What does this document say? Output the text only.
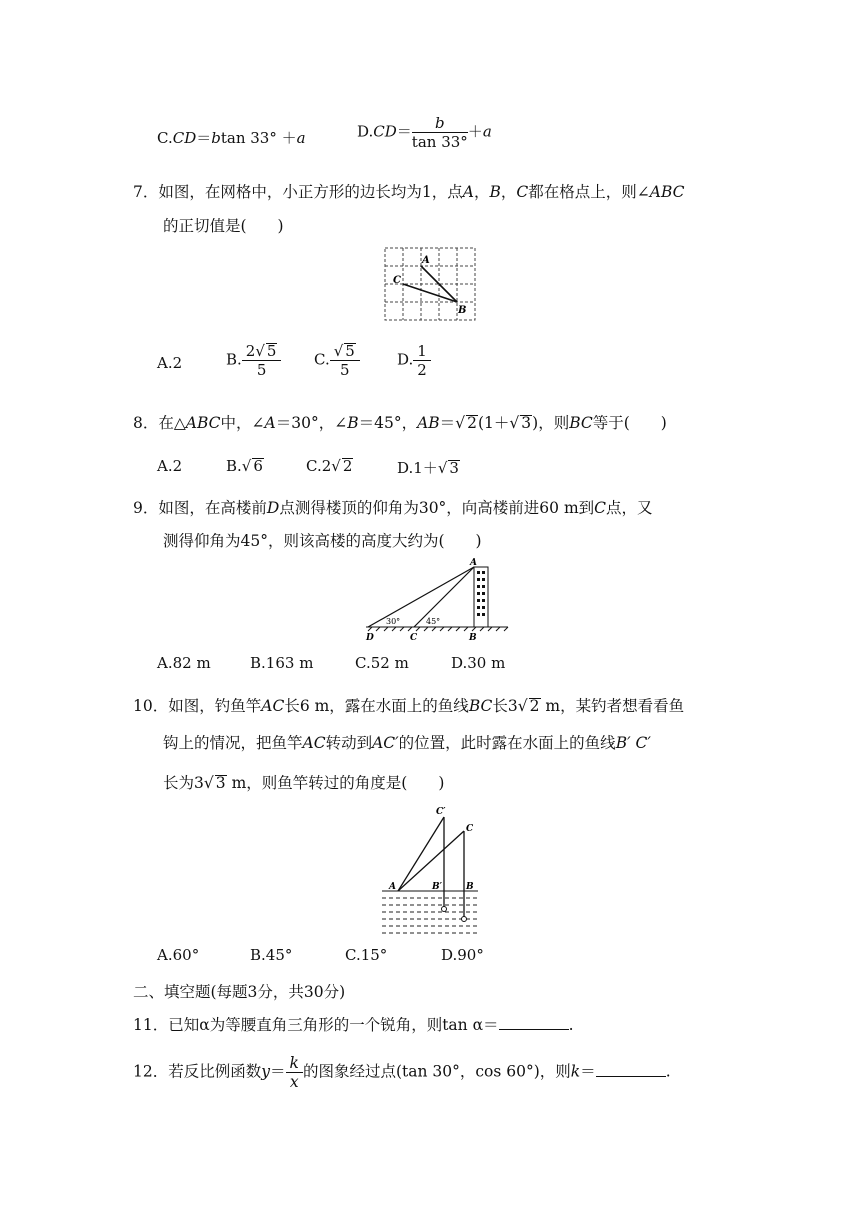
C.CD＝btan 33° ＋a	$D.CD= \frac{b}{\tan 33^\circ} +a$
7．如图，在网格中，小正方形的边长均为1，点A，B，C都在格点上，则∠ABC
的正切值是(　　)
A
C
B
A.2	B. $\frac{2√ 5}{5} C$. $\frac{√ 5}{5} D$. $\frac{1}{2}$
8．在△ABC中，∠A＝30°，∠B＝45°，AB＝√ 2(1＋√ 3)，则BC等于(　　)
A.2	B.√ 6	C.2√ 2	D.1＋√ 3
9．如图，在高楼前D点测得楼顶的仰角为30°，向高楼前进60 m到C点，又
测得仰角为45°，则该高楼的高度大约为(　　)
A
D	C	B
30°	45°
A.82 m	B.163 m	C.52 m	D.30 m
10．如图，钓鱼竿AC长6 m，露在水面上的鱼线BC长3√ 2 m，某钓者想看看鱼
钩上的情况，把鱼竿AC转动到AC′的位置，此时露在水面上的鱼线B′ C′
长为3√ 3 m，则鱼竿转过的角度是(　　)
C′
C
A	B′	B
A.60°	B.45°	C.15°	D.90°
二、填空题(每题3分，共30分)
11．已知α为等腰直角三角形的一个锐角，则tan α＝	.
12．若反比例函数$y= \frac{k}{x}$ 的图象经过点(tan 30°，cos 60°)，则k＝	.
